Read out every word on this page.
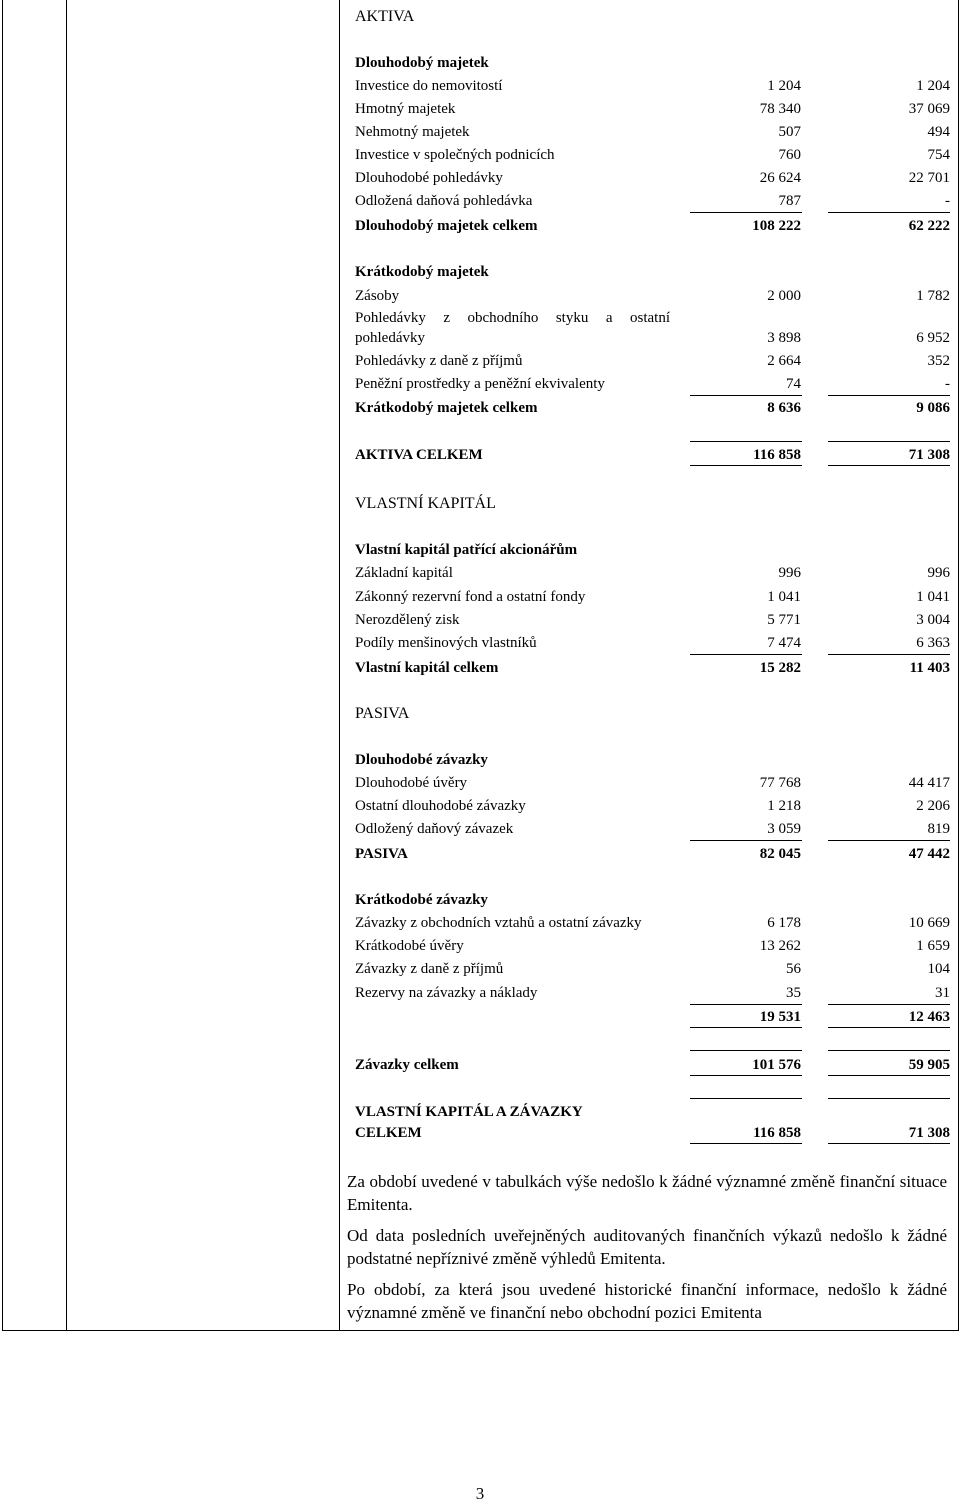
AKTIVA
Dlouhodobý majetek
Investice do nemovitostí	1 204	1 204
Hmotný majetek	78 340	37 069
Nehmotný majetek	507	494
Investice v společných podnicích	760	754
Dlouhodobé pohledávky	26 624	22 701
Odložená daňová pohledávka	787	-
Dlouhodobý majetek celkem	108 222	62 222
Krátkodobý majetek
Zásoby	2 000	1 782
Pohledávky z obchodního styku a ostatní
pohledávky	3 898	6 952
Pohledávky z daně z příjmů	2 664	352
Peněžní prostředky a peněžní ekvivalenty	74	-
Krátkodobý majetek celkem	8 636	9 086
AKTIVA CELKEM	116 858	71 308
VLASTNÍ KAPITÁL
Vlastní kapitál patřící akcionářům
Základní kapitál	996	996
Zákonný rezervní fond a ostatní fondy	1 041	1 041
Nerozdělený zisk	5 771	3 004
Podíly menšinových vlastníků	7 474	6 363
Vlastní kapitál celkem	15 282	11 403
PASIVA
Dlouhodobé závazky
Dlouhodobé úvěry	77 768	44 417
Ostatní dlouhodobé závazky	1 218	2 206
Odložený daňový závazek	3 059	819
PASIVA	82 045	47 442
Krátkodobé závazky
Závazky z obchodních vztahů a ostatní závazky	6 178	10 669
Krátkodobé úvěry	13 262	1 659
Závazky z daně z příjmů	56	104
Rezervy na závazky a náklady	35	31
19 531	12 463
Závazky celkem	101 576	59 905
VLASTNÍ KAPITÁL A ZÁVAZKY
CELKEM	116 858	71 308
Za období uvedené v tabulkách výše nedošlo k žádné významné změně finanční situace Emitenta.
Od data posledních uveřejněných auditovaných finančních výkazů nedošlo k žádné podstatné nepříznivé změně výhledů Emitenta.
Po období, za která jsou uvedené historické finanční informace, nedošlo k žádné významné změně ve finanční nebo obchodní pozici Emitenta
3
